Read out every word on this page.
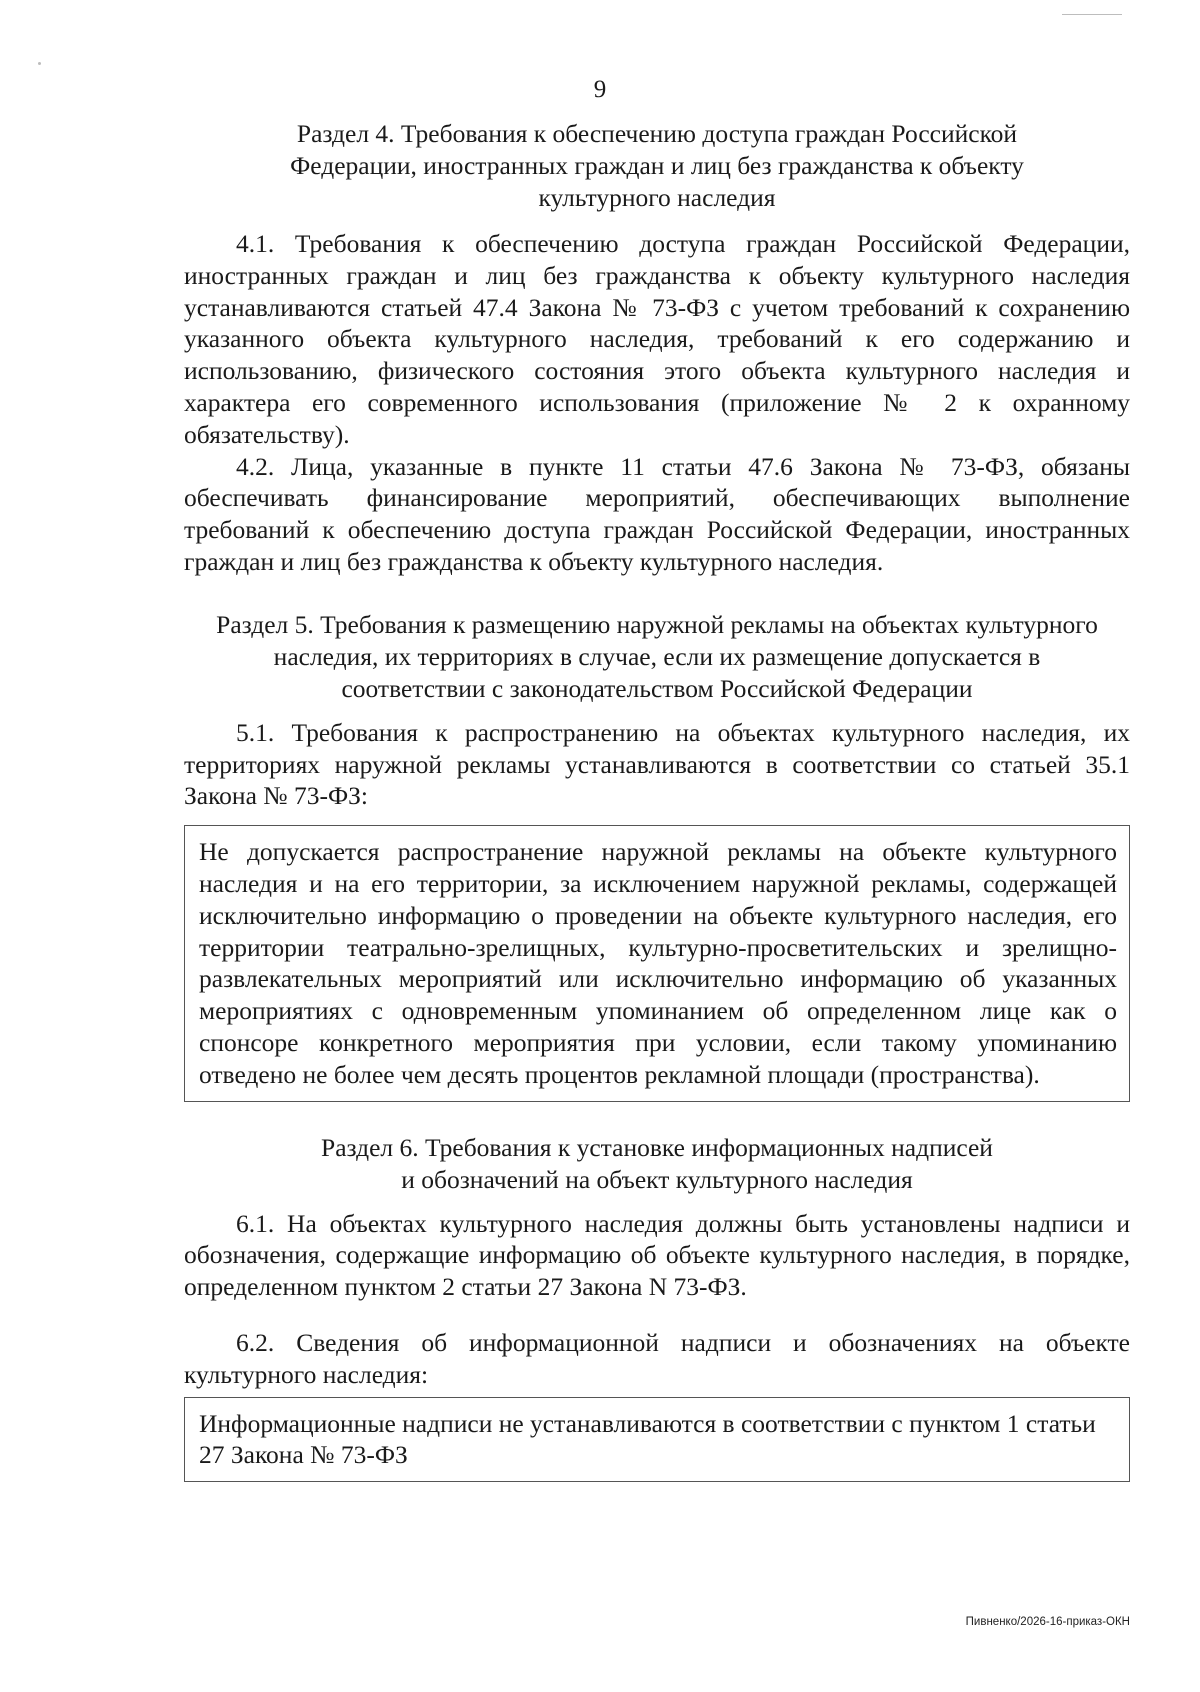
9

Раздел 4. Требования к обеспечению доступа граждан Российской Федерации, иностранных граждан и лиц без гражданства к объекту культурного наследия

4.1. Требования к обеспечению доступа граждан Российской Федерации, иностранных граждан и лиц без гражданства к объекту культурного наследия устанавливаются статьей 47.4 Закона № 73-ФЗ с учетом требований к сохранению указанного объекта культурного наследия, требований к его содержанию и использованию, физического состояния этого объекта культурного наследия и характера его современного использования (приложение № 2 к охранному обязательству).

4.2. Лица, указанные в пункте 11 статьи 47.6 Закона № 73-ФЗ, обязаны обеспечивать финансирование мероприятий, обеспечивающих выполнение требований к обеспечению доступа граждан Российской Федерации, иностранных граждан и лиц без гражданства к объекту культурного наследия.

Раздел 5. Требования к размещению наружной рекламы на объектах культурного наследия, их территориях в случае, если их размещение допускается в соответствии с законодательством Российской Федерации

5.1. Требования к распространению на объектах культурного наследия, их территориях наружной рекламы устанавливаются в соответствии со статьей 35.1 Закона № 73-ФЗ:

Не допускается распространение наружной рекламы на объекте культурного наследия и на его территории, за исключением наружной рекламы, содержащей исключительно информацию о проведении на объекте культурного наследия, его территории театрально-зрелищных, культурно-просветительских и зрелищно-развлекательных мероприятий или исключительно информацию об указанных мероприятиях с одновременным упоминанием об определенном лице как о спонсоре конкретного мероприятия при условии, если такому упоминанию отведено не более чем десять процентов рекламной площади (пространства).

Раздел 6. Требования к установке информационных надписей
и обозначений на объект культурного наследия

6.1. На объектах культурного наследия должны быть установлены надписи и обозначения, содержащие информацию об объекте культурного наследия, в порядке, определенном пунктом 2 статьи 27 Закона N 73-ФЗ.

6.2. Сведения об информационной надписи и обозначениях на объекте культурного наследия:

Информационные надписи не устанавливаются в соответствии с пунктом 1 статьи 27 Закона № 73-ФЗ

Пивненко/2026-16-приказ-ОКН
